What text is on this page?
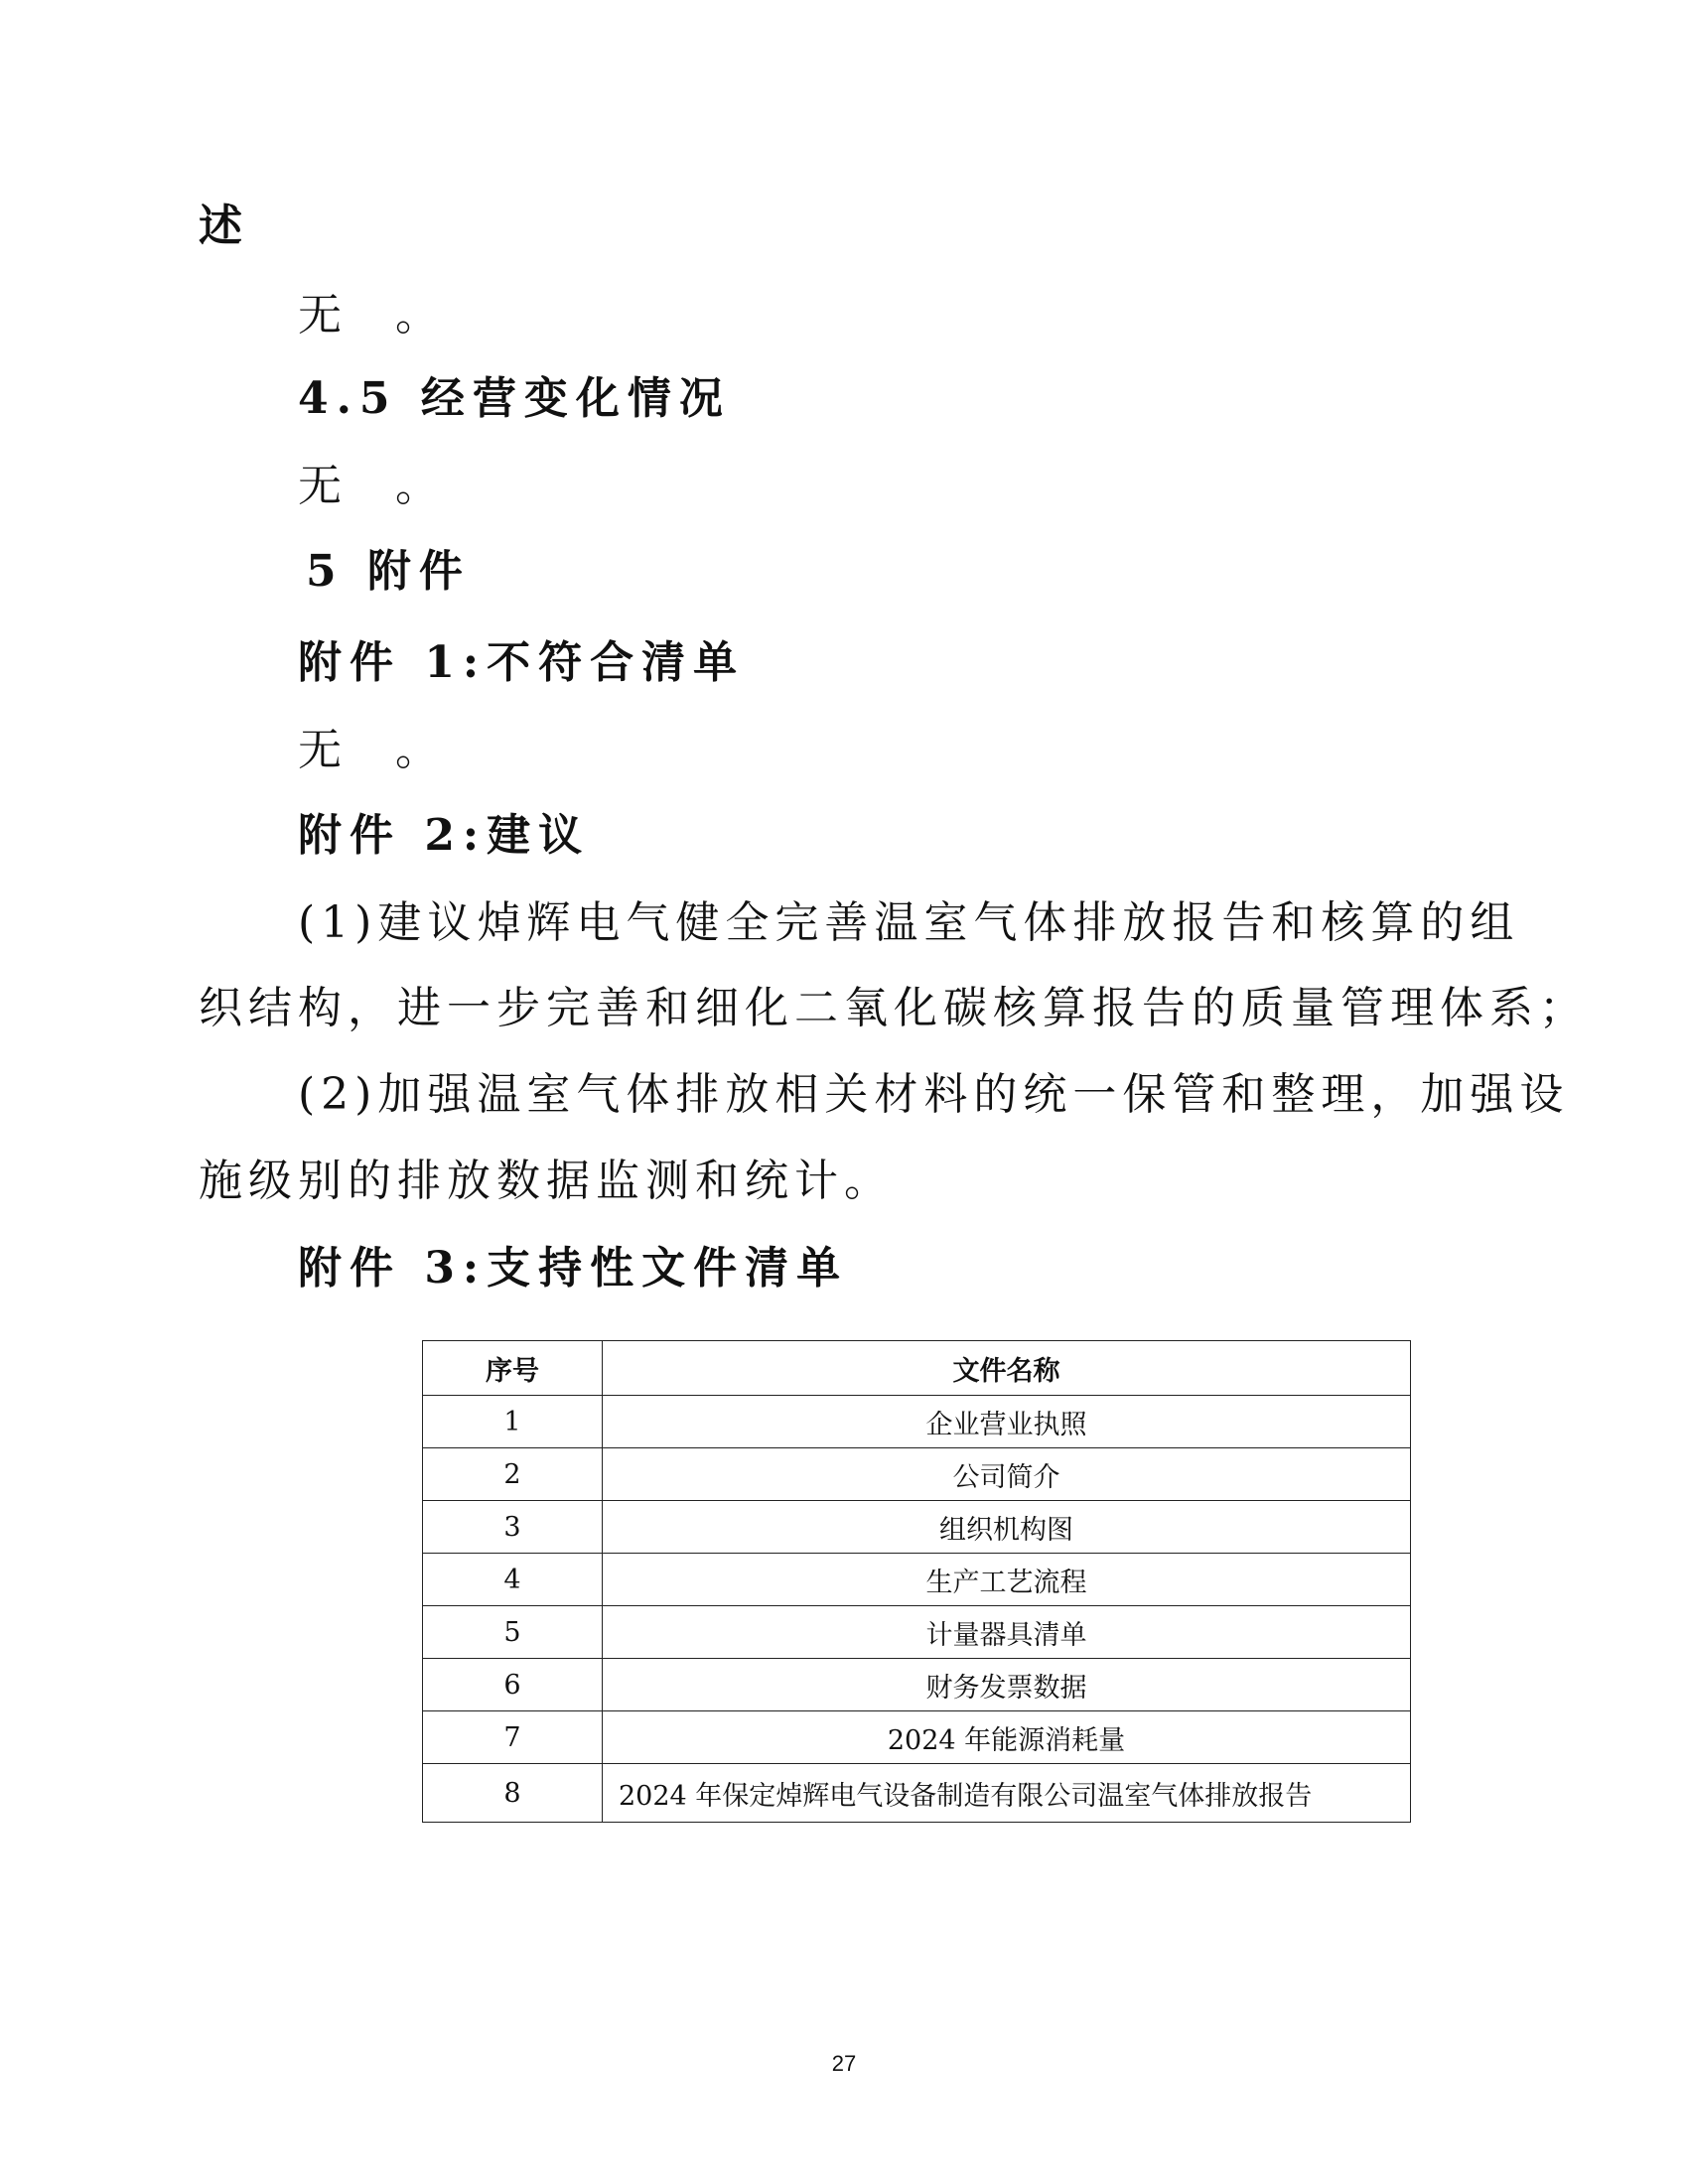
述

无 。

4.5 经营变化情况

无 。

5 附件

附件 1:不符合清单

无 。

附件 2:建议

(1)建议焯辉电气健全完善温室气体排放报告和核算的组

织结构，进一步完善和细化二氧化碳核算报告的质量管理体系；

(2)加强温室气体排放相关材料的统一保管和整理，加强设

施级别的排放数据监测和统计。

附件 3:支持性文件清单

序号	文件名称
1	企业营业执照
2	公司简介
3	组织机构图
4	生产工艺流程
5	计量器具清单
6	财务发票数据
7	2024 年能源消耗量
8	2024 年保定焯辉电气设备制造有限公司温室气体排放报告
27
